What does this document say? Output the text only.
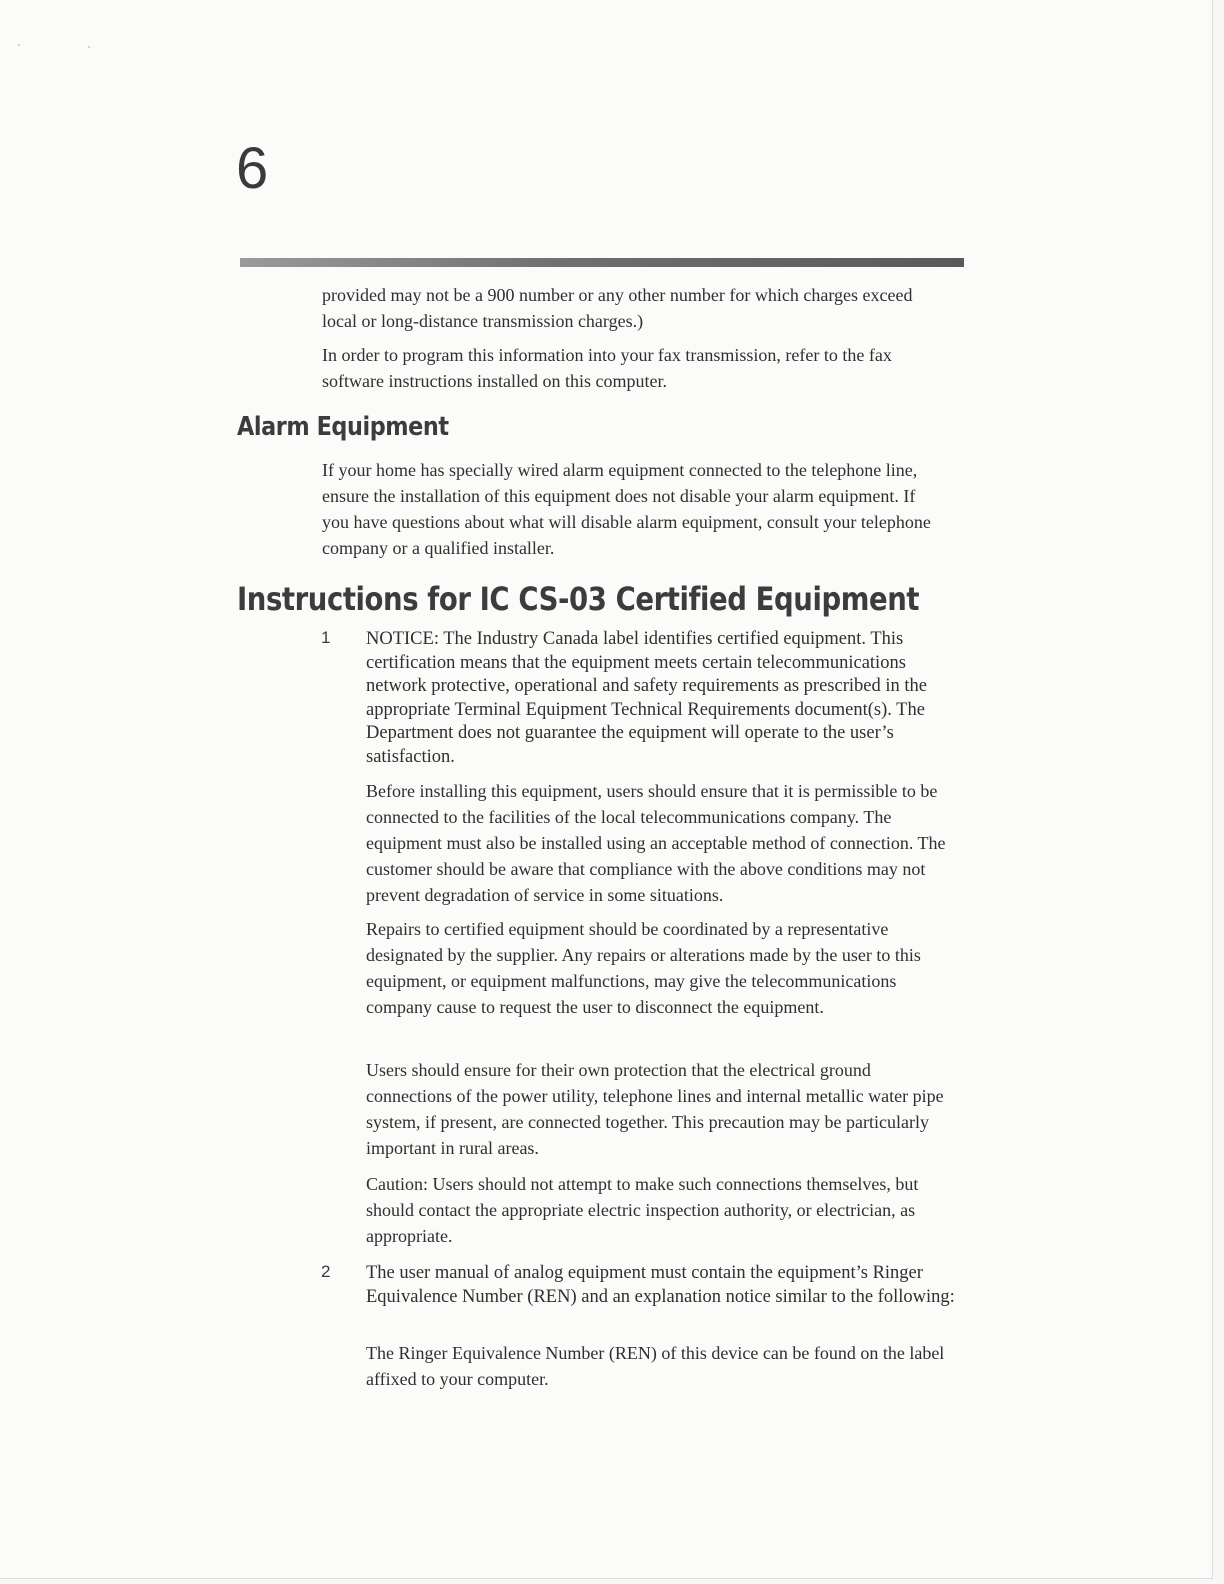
6

provided may not be a 900 number or any other number for which charges exceed local or long-distance transmission charges.)

In order to program this information into your fax transmission, refer to the fax software instructions installed on this computer.

Alarm Equipment

If your home has specially wired alarm equipment connected to the telephone line, ensure the installation of this equipment does not disable your alarm equipment. If you have questions about what will disable alarm equipment, consult your telephone company or a qualified installer.

Instructions for IC CS-03 Certified Equipment
1 NOTICE: The Industry Canada label identifies certified equipment. This certification means that the equipment meets certain telecommunications network protective, operational and safety requirements as prescribed in the appropriate Terminal Equipment Technical Requirements document(s). The Department does not guarantee the equipment will operate to the user’s satisfaction.

Before installing this equipment, users should ensure that it is permissible to be connected to the facilities of the local telecommunications company. The equipment must also be installed using an acceptable method of connection. The customer should be aware that compliance with the above conditions may not prevent degradation of service in some situations.

Repairs to certified equipment should be coordinated by a representative designated by the supplier. Any repairs or alterations made by the user to this equipment, or equipment malfunctions, may give the telecommunications company cause to request the user to disconnect the equipment.

Users should ensure for their own protection that the electrical ground connections of the power utility, telephone lines and internal metallic water pipe system, if present, are connected together. This precaution may be particularly important in rural areas.

Caution: Users should not attempt to make such connections themselves, but should contact the appropriate electric inspection authority, or electrician, as appropriate.

2 The user manual of analog equipment must contain the equipment’s Ringer Equivalence Number (REN) and an explanation notice similar to the following:

The Ringer Equivalence Number (REN) of this device can be found on the label affixed to your computer.
